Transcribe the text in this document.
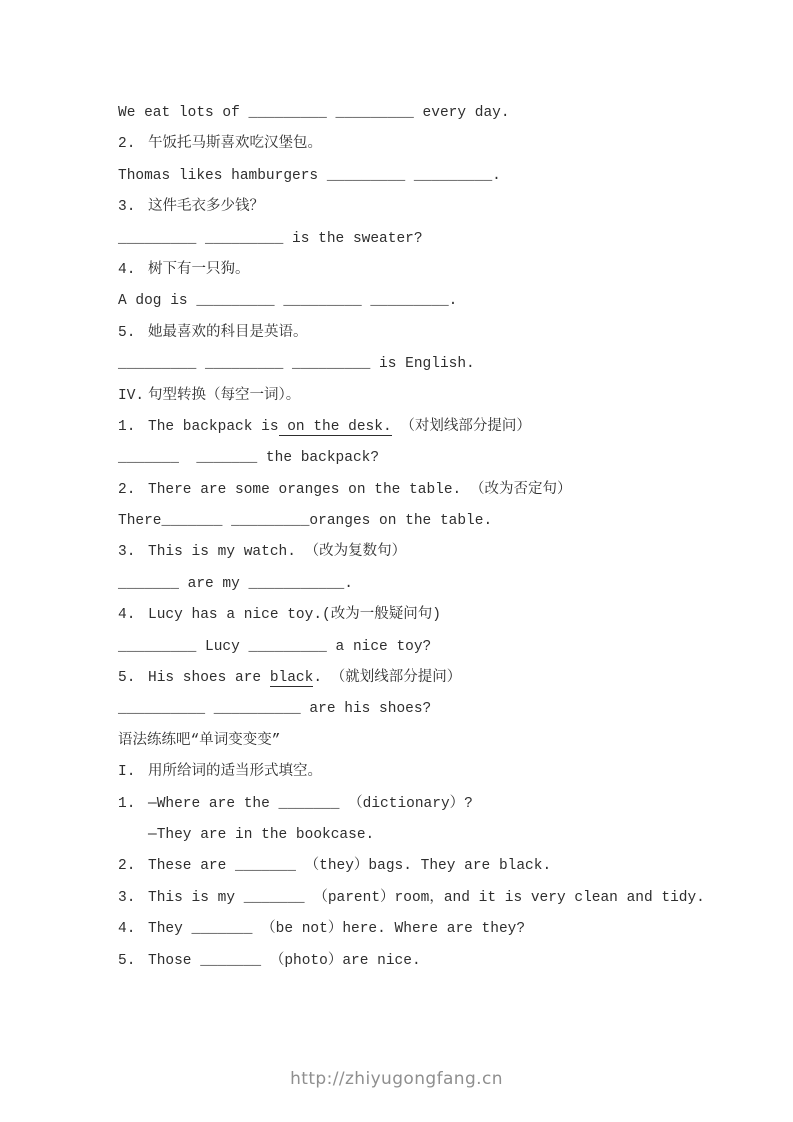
We eat lots of _________ _________ every day.
2. 午饭托马斯喜欢吃汉堡包。
Thomas likes hamburgers _________ _________.
3. 这件毛衣多少钱？
_________ _________ is the sweater?
4. 树下有一只狗。
A dog is _________ _________ _________.
5. 她最喜欢的科目是英语。
_________ _________ _________ is English.
IV. 句型转换（每空一词）。
1. The backpack is on the desk. （对划线部分提问）
_______  _______ the backpack?
2. There are some oranges on the table. （改为否定句）
There_______ _________oranges on the table.
3. This is my watch. （改为复数句）
_______ are my ___________.
4. Lucy has a nice toy.(改为一般疑问句)
_________ Lucy _________ a nice toy?
5. His shoes are black. （就划线部分提问）
__________ __________ are his shoes?
语法练练吧“单词变变变”
I. 用所给词的适当形式填空。
1. —Where are the _______ （dictionary）?
—They are in the bookcase.
2. These are _______ （they）bags. They are black.
3. This is my _______ （parent）room，and it is very clean and tidy.
4. They _______ （be not）here. Where are they?
5. Those _______ （photo）are nice.
http://zhiyugongfang.cn
